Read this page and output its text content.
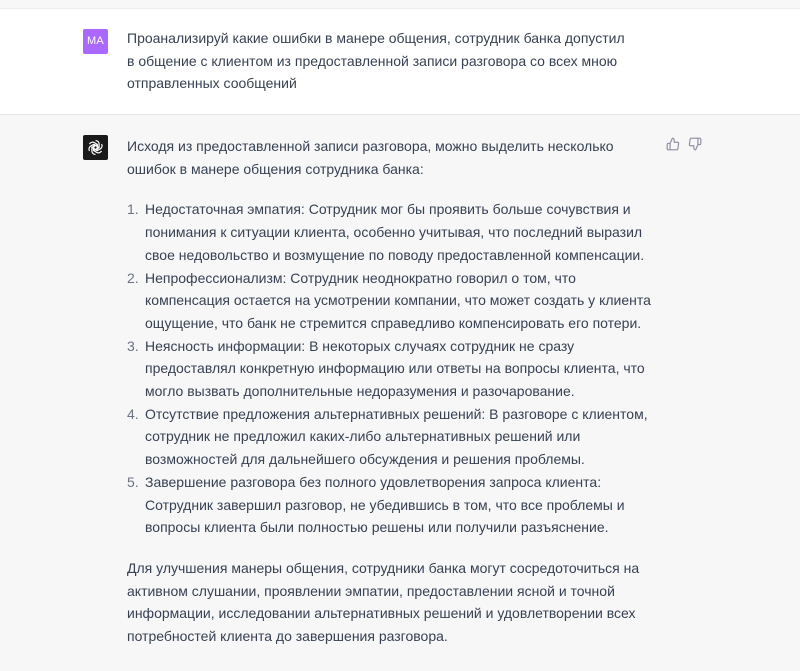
MA Проанализируй какие ошибки в манере общения, сотрудник банка допустил в общение с клиентом из предоставленной записи разговора со всех мною отправленных сообщений

Исходя из предоставленной записи разговора, можно выделить несколько ошибок в манере общения сотрудника банка:

1. Недостаточная эмпатия: Сотрудник мог бы проявить больше сочувствия и понимания к ситуации клиента, особенно учитывая, что последний выразил свое недовольство и возмущение по поводу предоставленной компенсации.
2. Непрофессионализм: Сотрудник неоднократно говорил о том, что компенсация остается на усмотрении компании, что может создать у клиента ощущение, что банк не стремится справедливо компенсировать его потери.
3. Неясность информации: В некоторых случаях сотрудник не сразу предоставлял конкретную информацию или ответы на вопросы клиента, что могло вызвать дополнительные недоразумения и разочарование.
4. Отсутствие предложения альтернативных решений: В разговоре с клиентом, сотрудник не предложил каких-либо альтернативных решений или возможностей для дальнейшего обсуждения и решения проблемы.
5. Завершение разговора без полного удовлетворения запроса клиента: Сотрудник завершил разговор, не убедившись в том, что все проблемы и вопросы клиента были полностью решены или получили разъяснение.

Для улучшения манеры общения, сотрудники банка могут сосредоточиться на активном слушании, проявлении эмпатии, предоставлении ясной и точной информации, исследовании альтернативных решений и удовлетворении всех потребностей клиента до завершения разговора.
